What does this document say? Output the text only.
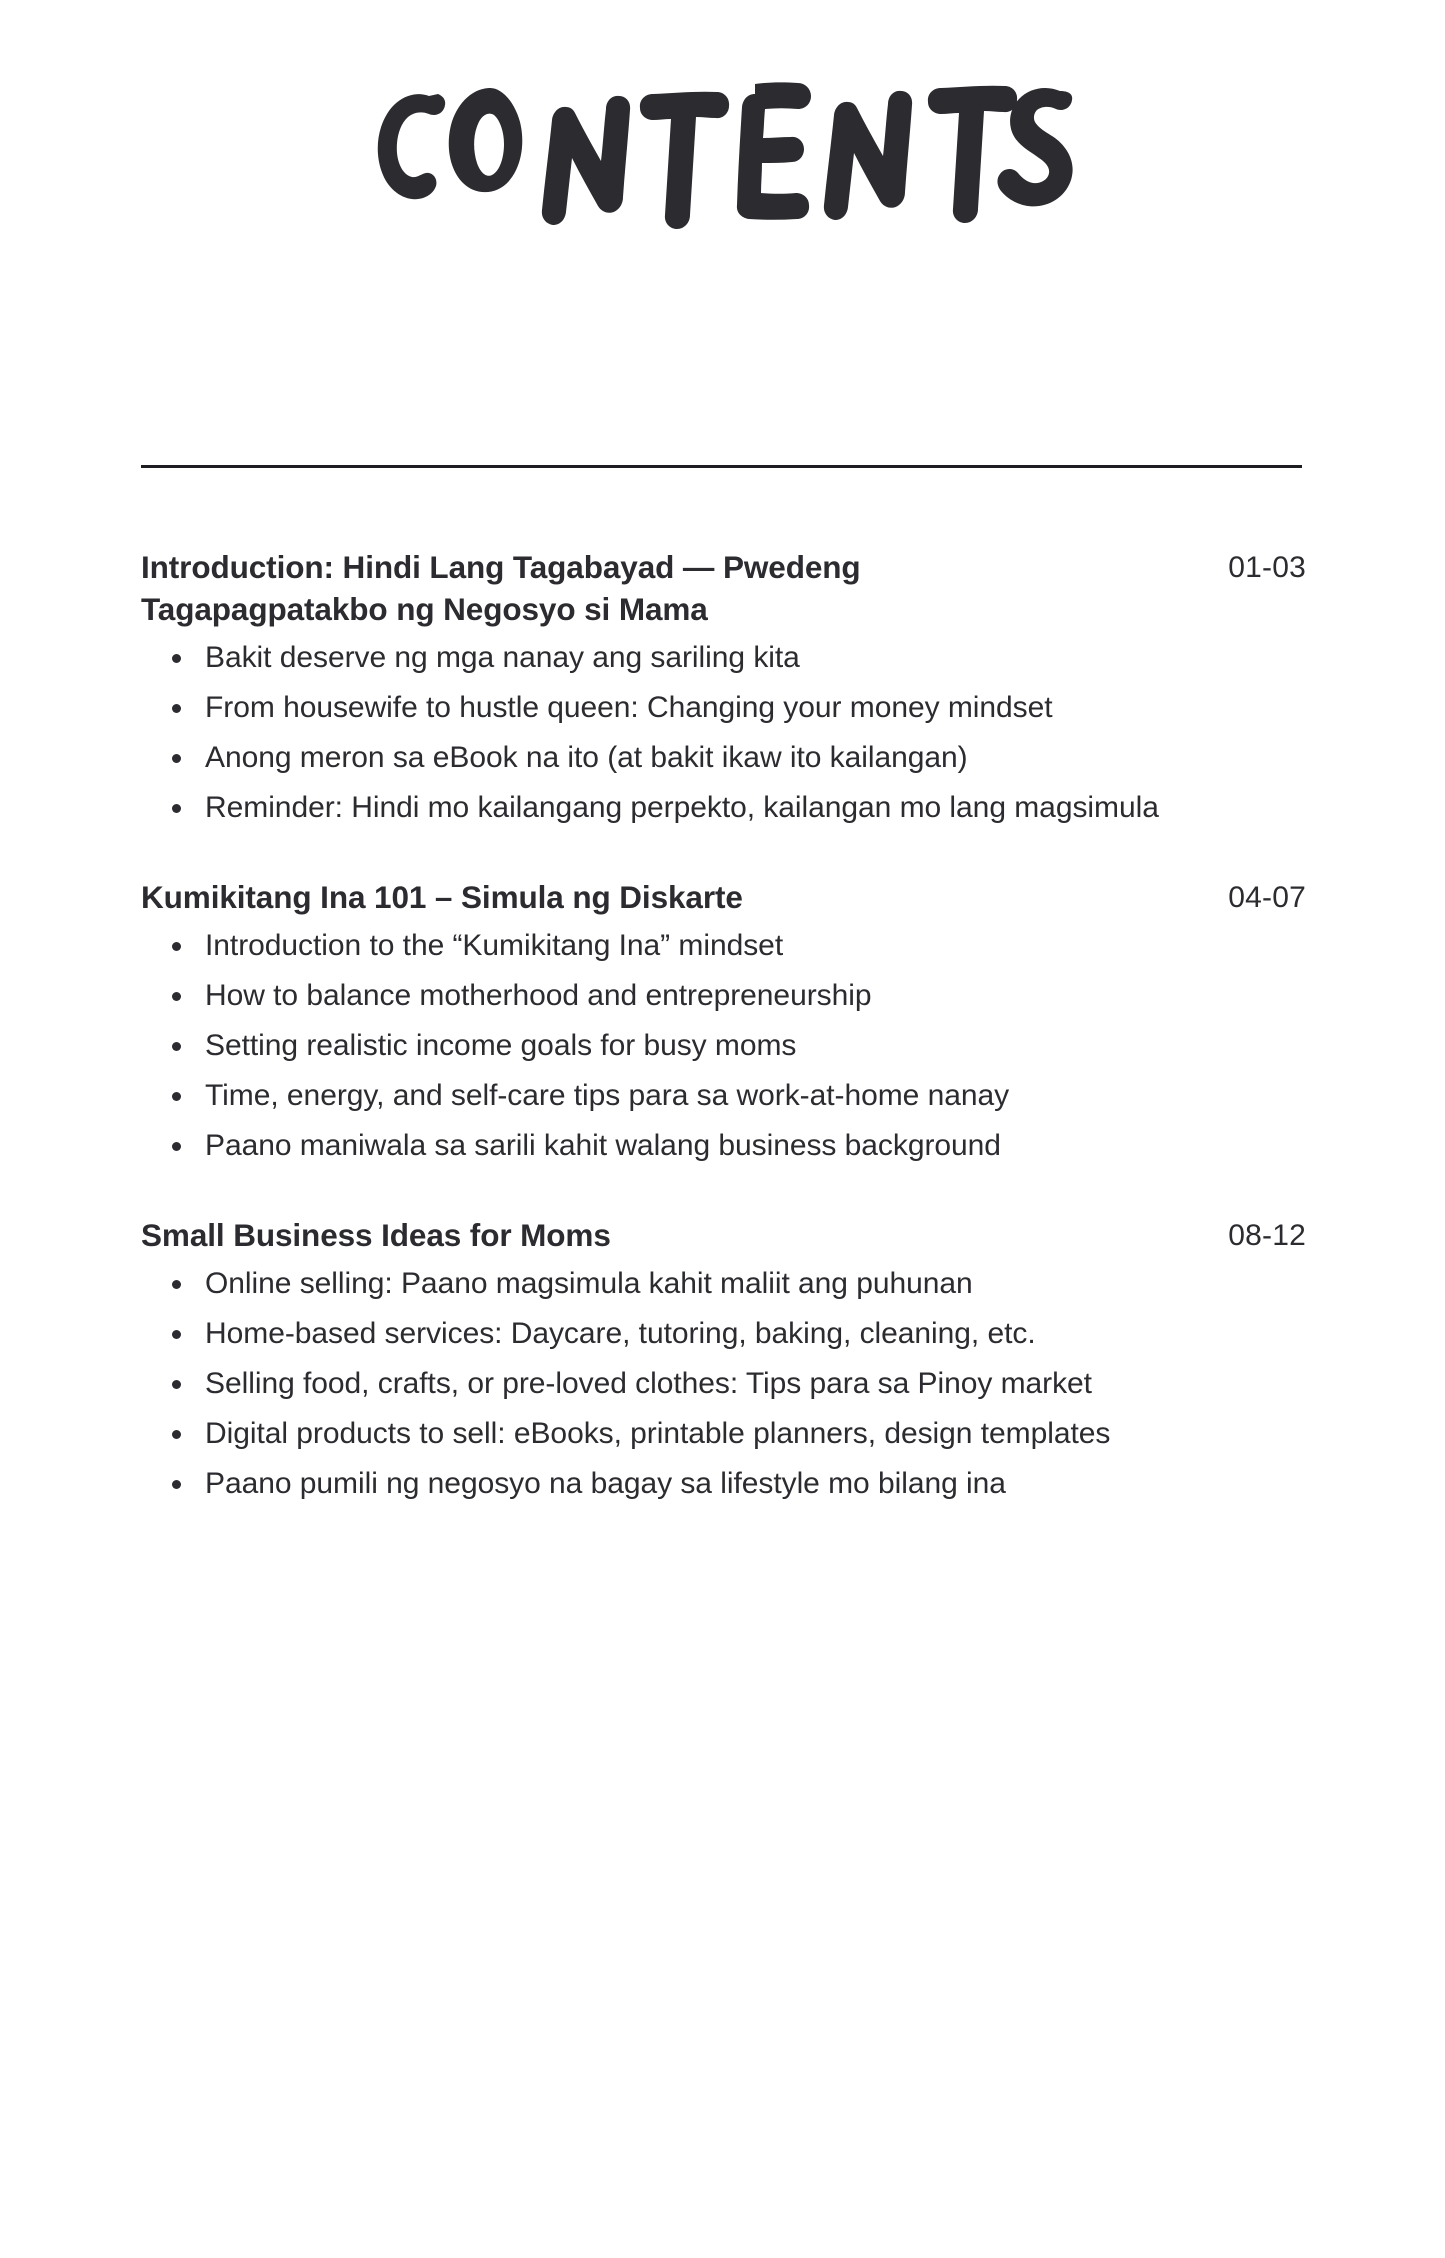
Introduction: Hindi Lang Tagabayad — Pwedeng Tagapagpatakbo ng Negosyo si Mama
01-03
Bakit deserve ng mga nanay ang sariling kita
From housewife to hustle queen: Changing your money mindset
Anong meron sa eBook na ito (at bakit ikaw ito kailangan)
Reminder: Hindi mo kailangang perpekto, kailangan mo lang magsimula
Kumikitang Ina 101 – Simula ng Diskarte	04-07
Introduction to the “Kumikitang Ina” mindset
How to balance motherhood and entrepreneurship
Setting realistic income goals for busy moms
Time, energy, and self-care tips para sa work-at-home nanay
Paano maniwala sa sarili kahit walang business background
Small Business Ideas for Moms	08-12
Online selling: Paano magsimula kahit maliit ang puhunan
Home-based services: Daycare, tutoring, baking, cleaning, etc.
Selling food, crafts, or pre-loved clothes: Tips para sa Pinoy market
Digital products to sell: eBooks, printable planners, design templates
Paano pumili ng negosyo na bagay sa lifestyle mo bilang ina
